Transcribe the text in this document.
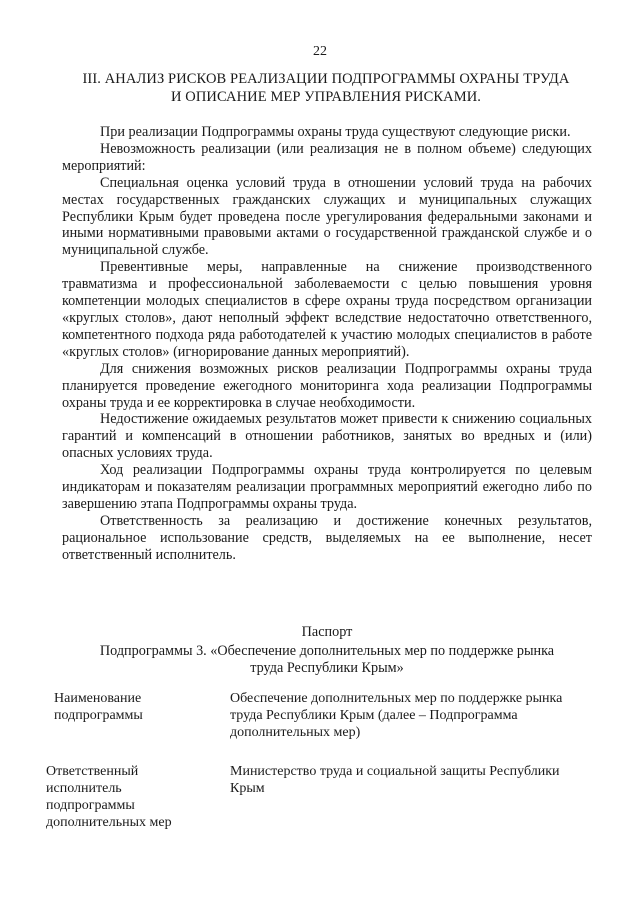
22
III. АНАЛИЗ РИСКОВ РЕАЛИЗАЦИИ ПОДПРОГРАММЫ ОХРАНЫ ТРУДА
И ОПИСАНИЕ МЕР УПРАВЛЕНИЯ РИСКАМИ.

При реализации Подпрограммы охраны труда существуют следующие риски.

Невозможность реализации (или реализация не в полном объеме) следующих мероприятий:

Специальная оценка условий труда в отношении условий труда на рабочих местах государственных гражданских служащих и муниципальных служащих Республики Крым будет проведена после урегулирования федеральными законами и иными нормативными правовыми актами о государственной гражданской службе и о муниципальной службе.

Превентивные меры, направленные на снижение производственного травматизма и профессиональной заболеваемости с целью повышения уровня компетенции молодых специалистов в сфере охраны труда посредством организации «круглых столов», дают неполный эффект вследствие недостаточно ответственного, компетентного подхода ряда работодателей к участию молодых специалистов в работе «круглых столов» (игнорирование данных мероприятий).

Для снижения возможных рисков реализации Подпрограммы охраны труда планируется проведение ежегодного мониторинга хода реализации Подпрограммы охраны труда и ее корректировка в случае необходимости.

Недостижение ожидаемых результатов может привести к снижению социальных гарантий и компенсаций в отношении работников, занятых во вредных и (или) опасных условиях труда.

Ход реализации Подпрограммы охраны труда контролируется по целевым индикаторам и показателям реализации программных мероприятий ежегодно либо по завершению этапа Подпрограммы охраны труда.

Ответственность за реализацию и достижение конечных результатов, рациональное использование средств, выделяемых на ее выполнение, несет ответственный исполнитель.

Паспорт

Подпрограммы 3. «Обеспечение дополнительных мер по поддержке рынка
труда Республики Крым»

Наименование
подпрограммы
Обеспечение дополнительных мер по поддержке рынка
труда Республики Крым (далее – Подпрограмма
дополнительных мер)
Ответственный
исполнитель
подпрограммы
дополнительных мер
Министерство труда и социальной защиты Республики
Крым
